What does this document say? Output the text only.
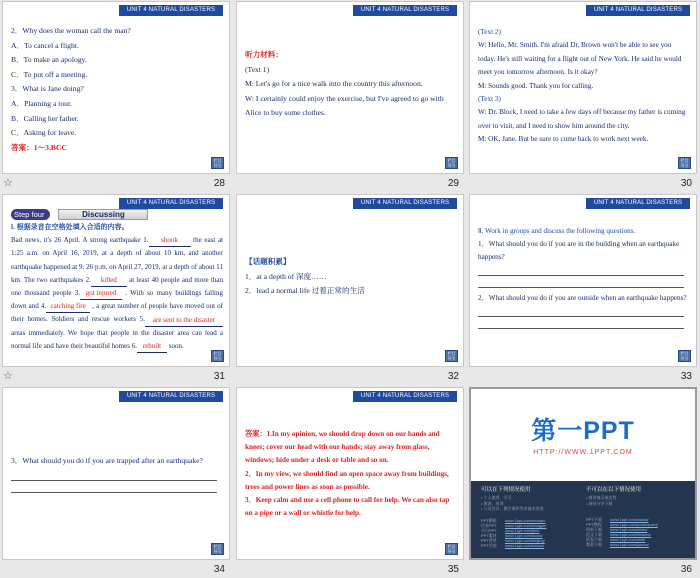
UNIT 4 NATURAL DISASTERS
2．Why does the woman call the man?
A．To cancel a flight.
B．To make an apology.
C．To put off a meeting.
3．What is Jane doing?
A．Planning a tour.
B．Calling her father.
C．Asking for leave.
答案：1～3.BCC
栏目导引
☆	28
UNIT 4 NATURAL DISASTERS
听力材料：
(Text 1)
M: Let's go for a nice walk into the country this afternoon.
W: I certainly could enjoy the exercise, but I've agreed to go with Alice to buy some clothes.
栏目导引
29
UNIT 4 NATURAL DISASTERS
(Text 2)
W: Hello, Mr. Smith. I'm afraid Dr. Brown won't be able to see you today. He's still waiting for a flight out of New York. He said he would meet you tomorrow afternoon. Is it okay?
M: Sounds good. Thank you for calling.
(Text 3)
W: Dr. Block, I need to take a few days off because my father is coming over to visit, and I need to show him around the city.
M: OK, Jane. But be sure to come back to work next week.
栏目导引
30
UNIT 4 NATURAL DISASTERS
Step four	Discussing
Ⅰ. 根据录音在空格处填入合适的内容。
Bad news, it's 26 April. A strong earthquake 1.	shook	the east at 1:25 a.m. on April 16, 2019, at a depth of about 10 km, and another earthquake happened at 9: 26 p.m. on April 27, 2019, at a depth of about 11 km. The two earthquakes 2.	killed	at least 40 people and more than one thousand people 3. got injured	. With so many buildings falling down and 4. catching fire , a great number of people have moved out of their homes. Soldiers and rescue workers 5.	are sent to the disaster
areas immediately. We hope that people in the disaster area can lead a normal life and have their beautiful homes 6. rebuilt	soon.
栏目导引
☆	31
UNIT 4 NATURAL DISASTERS
【话题积累】
1．at a depth of 深度……
2．lead a normal life 过着正常的生活
栏目导引
32
UNIT 4 NATURAL DISASTERS
Ⅱ. Work in groups and discuss the following questions.
1．What should you do if you are in the building when an earthquake happens?
2．What should you do if you are outside when an earthquake happens?
栏目导引
33
UNIT 4 NATURAL DISASTERS
3．What should you do if you are trapped after an earthquake?
栏目导引
34
UNIT 4 NATURAL DISASTERS
答案：1.In my opinion, we should drop down on our hands and knees; cover our head with our hands; stay away from glass, windows; hide under a desk or table and so on.
2．In my view, we should find an open space away from buildings, trees and power lines as soon as possible.
3．Keep calm and use a cell phone to call for help. We can also tap on a pipe or a wall or whistle for help.
栏目导引
35
第一PPT
HTTP://WWW.1PPT.COM
可以在下列情况使用
• 个人使用、学习
• 演讲、培训
• 公司会议、教学课件等非商业用途
PPT模板	www.1ppt.com/moban/
行业PPT	www.1ppt.com/hangye/
节日PPT	www.1ppt.com/jieri/
PPT素材	www.1ppt.com/sucai/
PPT背景	www.1ppt.com/beijing/
PPT图表	www.1ppt.com/tubiao/
不可以在以下情况使用
• 商业演示或出售
• 网站分享下载
PPT下载	www.1ppt.com/xiazai/
PPT教程	www.1ppt.com/powerpoint/
资料下载	www.1ppt.com/ziliao/
范文下载	www.1ppt.com/fanwen/
试卷下载	www.1ppt.com/shiti/
教案下载	www.1ppt.com/jiaoan/
36
